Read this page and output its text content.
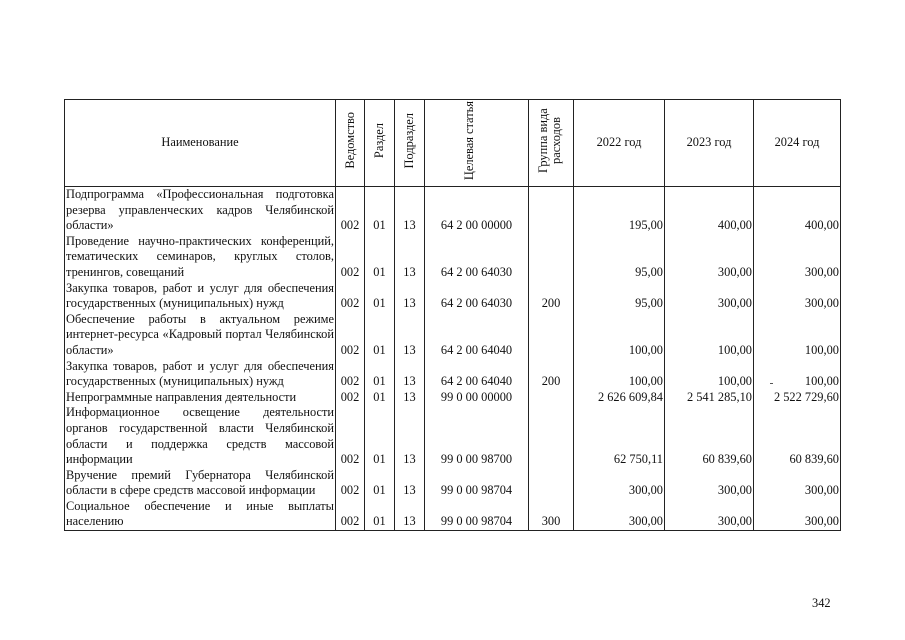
Наименование	Ведомство	Раздел	Подраздел	Целевая статья	Группа вида расходов	2022 год	2023 год	2024 год
Подпрограмма «Профессиональная подготовка резерва управленческих кадров Челябинской области»	002	01	13	64 2 00 00000		195,00	400,00	400,00
Проведение научно-практических конференций, тематических семинаров, круглых столов, тренингов, совещаний	002	01	13	64 2 00 64030		95,00	300,00	300,00
Закупка товаров, работ и услуг для обеспечения государственных (муниципальных) нужд	002	01	13	64 2 00 64030	200	95,00	300,00	300,00
Обеспечение работы в актуальном режиме интернет-ресурса «Кадровый портал Челябинской области»	002	01	13	64 2 00 64040		100,00	100,00	100,00
Закупка товаров, работ и услуг для обеспечения государственных (муниципальных) нужд	002	01	13	64 2 00 64040	200	100,00	100,00	100,00
Непрограммные направления деятельности	002	01	13	99 0 00 00000		2 626 609,84	2 541 285,10	2 522 729,60
Информационное освещение деятельности органов государственной власти Челябинской области и поддержка средств массовой информации	002	01	13	99 0 00 98700		62 750,11	60 839,60	60 839,60
Вручение премий Губернатора Челябинской области в сфере средств массовой информации	002	01	13	99 0 00 98704		300,00	300,00	300,00
Социальное обеспечение и иные выплаты населению	002	01	13	99 0 00 98704	300	300,00	300,00	300,00
342
